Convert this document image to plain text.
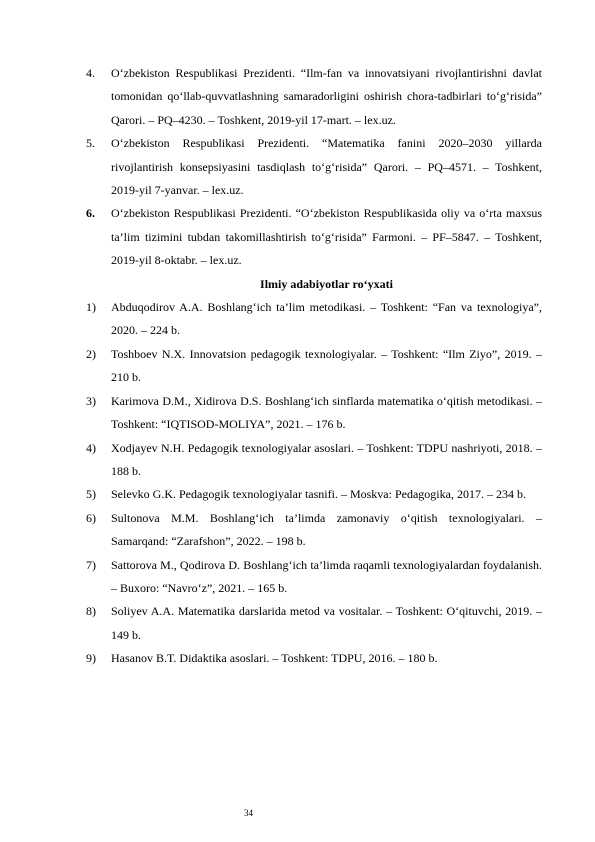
4.	O‘zbekiston Respublikasi Prezidenti. “Ilm-fan va innovatsiyani rivojlantirishni davlat tomonidan qo‘llab-quvvatlashning samaradorligini oshirish chora-tadbirlari to‘g‘risida” Qarori. – PQ–4230. – Toshkent, 2019-yil 17-mart. – lex.uz.
5.	O‘zbekiston Respublikasi Prezidenti. “Matematika fanini 2020–2030 yillarda rivojlantirish konsepsiyasini tasdiqlash to‘g‘risida” Qarori. – PQ–4571. – Toshkent, 2019-yil 7-yanvar. – lex.uz.
6.	O‘zbekiston Respublikasi Prezidenti. “O‘zbekiston Respublikasida oliy va o‘rta maxsus ta’lim tizimini tubdan takomillashtirish to‘g‘risida” Farmoni. – PF–5847. – Toshkent, 2019-yil 8-oktabr. – lex.uz.
Ilmiy adabiyotlar ro‘yxati
1)	Abduqodirov A.A. Boshlang‘ich ta’lim metodikasi. – Toshkent: “Fan va texnologiya”, 2020. – 224 b.
2)	Toshboev N.X. Innovatsion pedagogik texnologiyalar. – Toshkent: “Ilm Ziyo”, 2019. – 210 b.
3)	Karimova D.M., Xidirova D.S. Boshlang‘ich sinflarda matematika o‘qitish metodikasi. – Toshkent: “IQTISOD-MOLIYA”, 2021. – 176 b.
4)	Xodjayev N.H. Pedagogik texnologiyalar asoslari. – Toshkent: TDPU nashriyoti, 2018. – 188 b.
5)	Selevko G.K. Pedagogik texnologiyalar tasnifi. – Moskva: Pedagogika, 2017. – 234 b.
6)	Sultonova M.M. Boshlang‘ich ta’limda zamonaviy o‘qitish texnologiyalari. – Samarqand: “Zarafshon”, 2022. – 198 b.
7)	Sattorova M., Qodirova D. Boshlang‘ich ta’limda raqamli texnologiyalardan foydalanish. – Buxoro: “Navro‘z”, 2021. – 165 b.
8)	Soliyev A.A. Matematika darslarida metod va vositalar. – Toshkent: O‘qituvchi, 2019. – 149 b.
9)	Hasanov B.T. Didaktika asoslari. – Toshkent: TDPU, 2016. – 180 b.
34
